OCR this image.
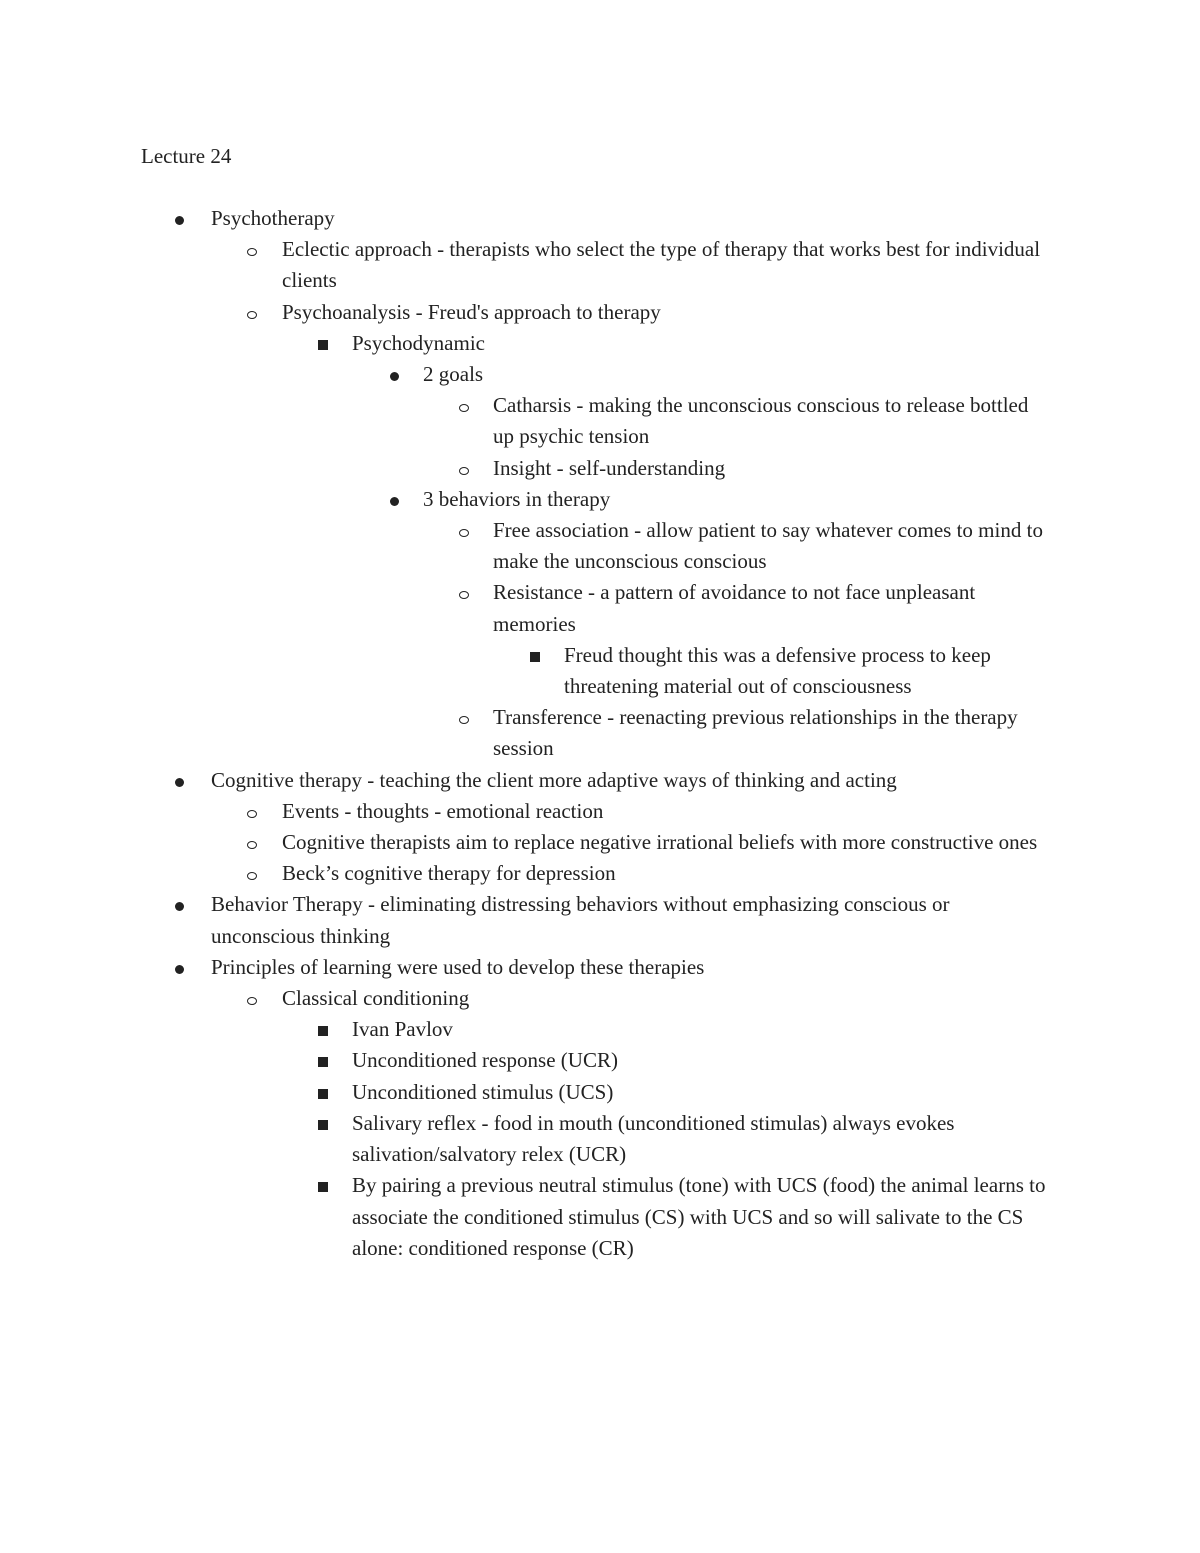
Lecture 24
Psychotherapy
Eclectic approach - therapists who select the type of therapy that works best for individual clients
Psychoanalysis - Freud's approach to therapy
Psychodynamic
2 goals
Catharsis - making the unconscious conscious to release bottled up psychic tension
Insight - self-understanding
3 behaviors in therapy
Free association - allow patient to say whatever comes to mind to make the unconscious conscious
Resistance - a pattern of avoidance to not face unpleasant memories
Freud thought this was a defensive process to keep threatening material out of consciousness
Transference - reenacting previous relationships in the therapy session
Cognitive therapy - teaching the client more adaptive ways of thinking and acting
Events - thoughts - emotional reaction
Cognitive therapists aim to replace negative irrational beliefs with more constructive ones
Beck’s cognitive therapy for depression
Behavior Therapy - eliminating distressing behaviors without emphasizing conscious or unconscious thinking
Principles of learning were used to develop these therapies
Classical conditioning
Ivan Pavlov
Unconditioned response (UCR)
Unconditioned stimulus (UCS)
Salivary reflex - food in mouth (unconditioned stimulas) always evokes salivation/salvatory relex (UCR)
By pairing a previous neutral stimulus (tone) with UCS (food) the animal learns to associate the conditioned stimulus (CS) with UCS and so will salivate to the CS alone: conditioned response (CR)
